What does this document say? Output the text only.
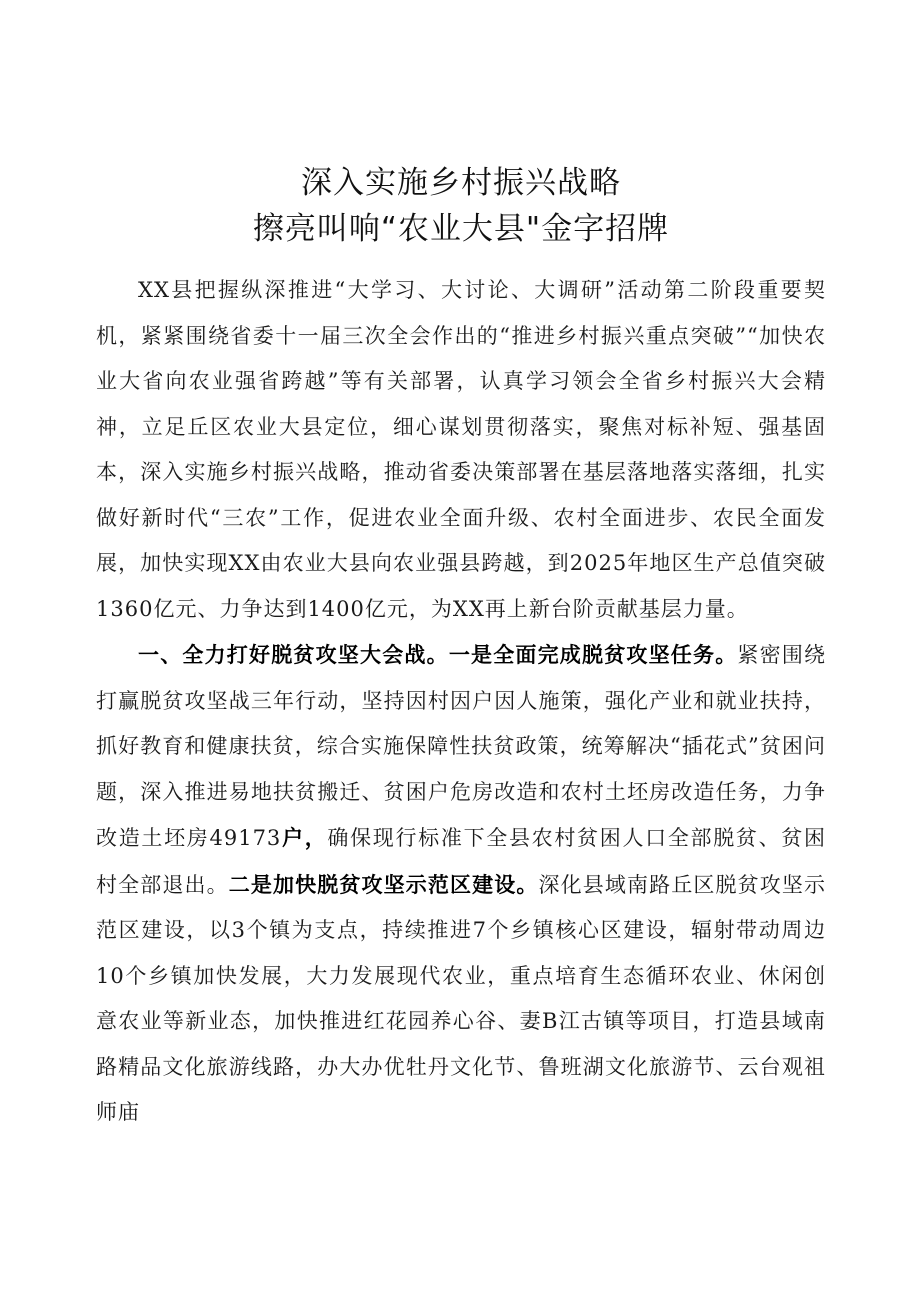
深入实施乡村振兴战略
擦亮叫响“农业大县"金字招牌

XX县把握纵深推进“大学习、大讨论、大调研”活动第二阶段重要契机，紧紧围绕省委十一届三次全会作出的“推进乡村振兴重点突破”“加快农业大省向农业强省跨越”等有关部署，认真学习领会全省乡村振兴大会精神，立足丘区农业大县定位，细心谋划贯彻落实，聚焦对标补短、强基固本，深入实施乡村振兴战略，推动省委决策部署在基层落地落实落细，扎实做好新时代“三农”工作，促进农业全面升级、农村全面进步、农民全面发展，加快实现XX由农业大县向农业强县跨越，到2025年地区生产总值突破1360亿元、力争达到1400亿元，为XX再上新台阶贡献基层力量。

一、全力打好脱贫攻坚大会战。一是全面完成脱贫攻坚任务。紧密围绕打赢脱贫攻坚战三年行动，坚持因村因户因人施策，强化产业和就业扶持，抓好教育和健康扶贫，综合实施保障性扶贫政策，统筹解决“插花式”贫困问题，深入推进易地扶贫搬迁、贫困户危房改造和农村土坯房改造任务，力争改造土坯房49173户，确保现行标准下全县农村贫困人口全部脱贫、贫困村全部退出。二是加快脱贫攻坚示范区建设。深化县域南路丘区脱贫攻坚示范区建设，以3个镇为支点，持续推进7个乡镇核心区建设，辐射带动周边10个乡镇加快发展，大力发展现代农业，重点培育生态循环农业、休闲创意农业等新业态，加快推进红花园养心谷、妻B江古镇等项目，打造县域南路精品文化旅游线路，办大办优牡丹文化节、鲁班湖文化旅游节、云台观祖师庙
